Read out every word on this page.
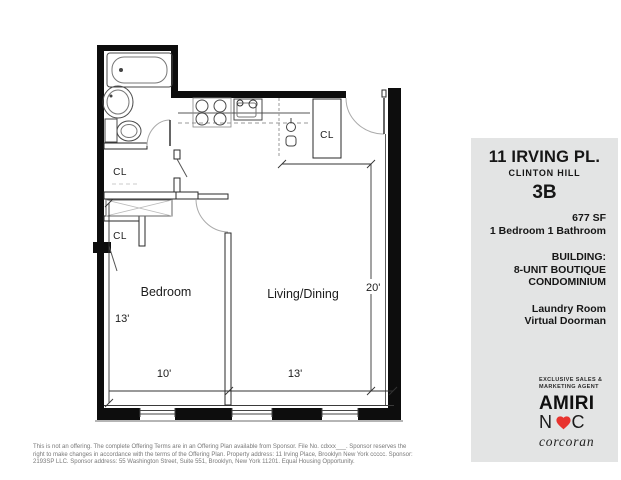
Bedroom	Living/Dining
CL
CL
CL
13'
10'	13'
20'
11 IRVING PL.
CLINTON HILL
3B
677 SF
1 Bedroom 1 Bathroom
BUILDING:
8-UNIT BOUTIQUE
CONDOMINIUM
Laundry Room
Virtual Doorman
EXCLUSIVE SALES &
MARKETING AGENT
AMIRI
N C
corcoran
This is not an offering. The complete Offering Terms are in an Offering Plan available from Sponsor. File No. cdxxx___. Sponsor reserves the
right to make changes in accordance with the terms of the Offering Plan. Property address: 11 Irving Place, Brooklyn New York ccccc. Sponsor:
2193SP LLC. Sponsor address: 55 Washington Street, Suite 551, Brooklyn, New York 11201. Equal Housing Opportunity.
